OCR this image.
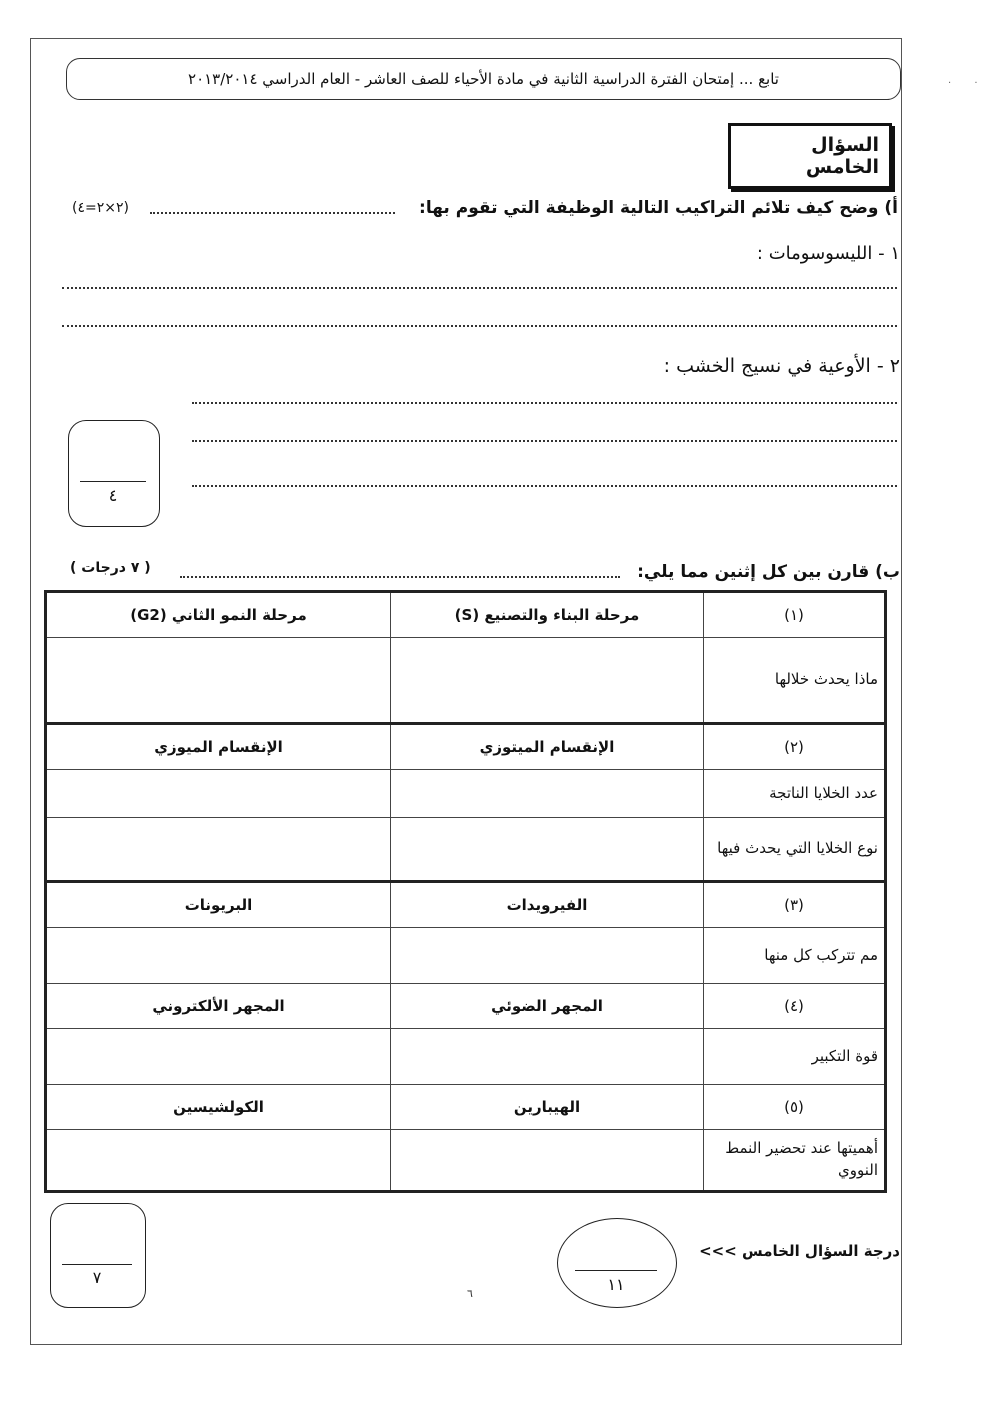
. .
تابع ... إمتحان الفترة الدراسية الثانية في مادة الأحياء للصف العاشر - العام الدراسي ٢٠١٣/٢٠١٤
السؤال الخامس
أ) وضح كيف تلائم التراكيب التالية الوظيفة التي تقوم بها:
(٢×٢=٤)
١ - الليسوسومات :
٢ - الأوعية في نسيج الخشب :
٤
ب) قارن بين كل إثنين مما يلي:
( ٧ درجات )
(١)	مرحلة البناء والتصنيع (S)	مرحلة النمو الثاني (G2)
ماذا يحدث خلالها		
(٢)	الإنقسام الميتوزي	الإنقسام الميوزي
عدد الخلايا الناتجة		
نوع الخلايا التي يحدث فيها		
(٣)	الفيرويدات	البريونات
مم تتركب كل منها		
(٤)	المجهر الضوئي	المجهر الألكتروني
قوة التكبير		
(٥)	الهيبارين	الكولشيسين
أهميتها عند تحضير النمط النووي		
٧
درجة السؤال الخامس >>>
١١
٦
